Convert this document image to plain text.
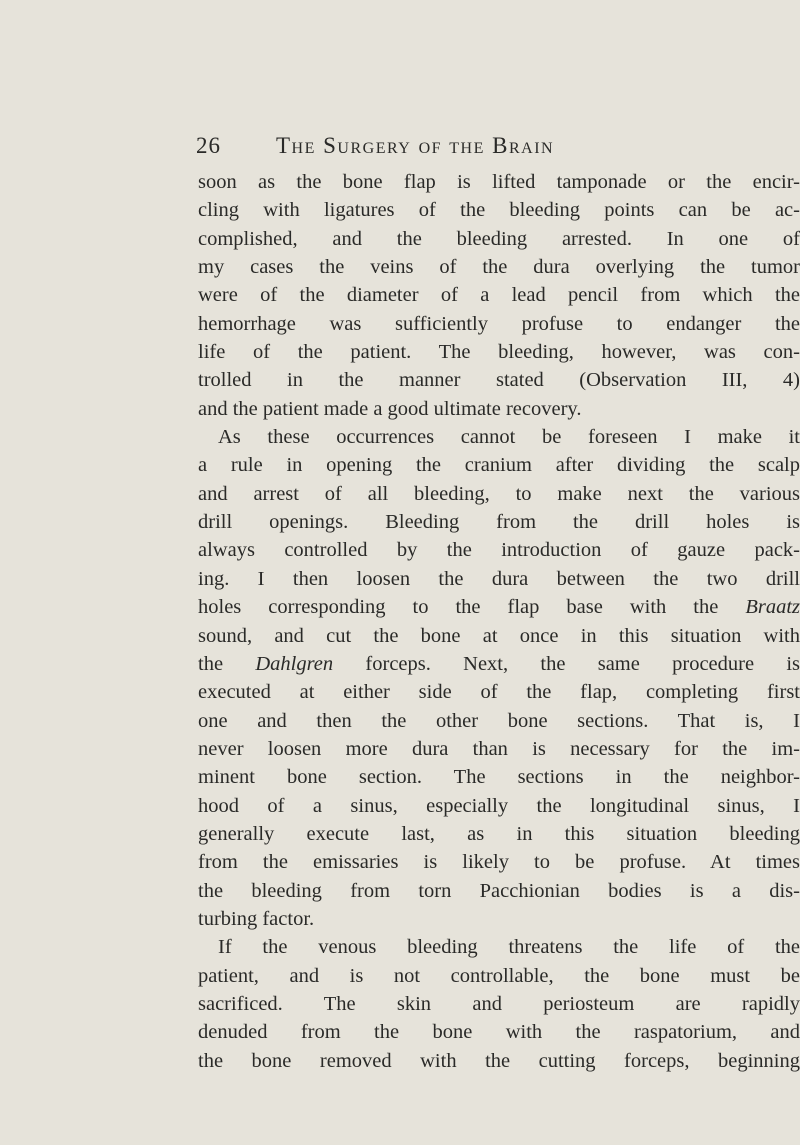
26 The Surgery of the Brain
soon as the bone flap is lifted tamponade or the encir-
cling with ligatures of the bleeding points can be ac-
complished, and the bleeding arrested. In one of
my cases the veins of the dura overlying the tumor
were of the diameter of a lead pencil from which the
hemorrhage was sufficiently profuse to endanger the
life of the patient. The bleeding, however, was con-
trolled in the manner stated (Observation III, 4)
and the patient made a good ultimate recovery.
As these occurrences cannot be foreseen I make it
a rule in opening the cranium after dividing the scalp
and arrest of all bleeding, to make next the various
drill openings. Bleeding from the drill holes is
always controlled by the introduction of gauze pack-
ing. I then loosen the dura between the two drill
holes corresponding to the flap base with the Braatz
sound, and cut the bone at once in this situation with
the Dahlgren forceps. Next, the same procedure is
executed at either side of the flap, completing first
one and then the other bone sections. That is, I
never loosen more dura than is necessary for the im-
minent bone section. The sections in the neighbor-
hood of a sinus, especially the longitudinal sinus, I
generally execute last, as in this situation bleeding
from the emissaries is likely to be profuse. At times
the bleeding from torn Pacchionian bodies is a dis-
turbing factor.
If the venous bleeding threatens the life of the
patient, and is not controllable, the bone must be
sacrificed. The skin and periosteum are rapidly
denuded from the bone with the raspatorium, and
the bone removed with the cutting forceps, beginning
